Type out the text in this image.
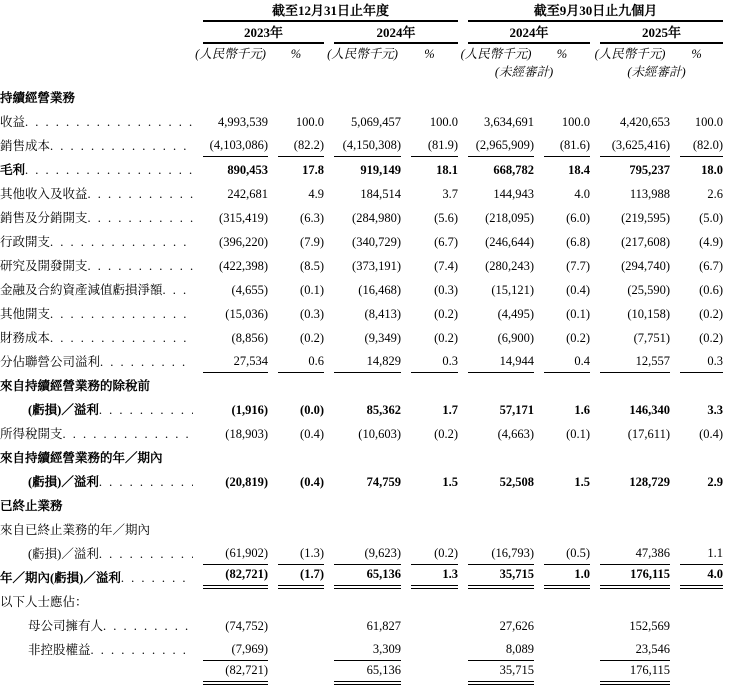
	截至12月31日止年度				截至9月30日止九個月			

	2023年		2024年		2024年		2025年	

	(人民幣千元)	%	(人民幣千元)	%	(人民幣千元)	%	(人民幣千元)	%

					(未經審計)		(未經審計)	

持續經營業務								

收益
. . .	4,993,539	100.0	5,069,457	100.0	3,634,691	100.0	4,420,653	100.0

銷售成本
. . .	(4,103,086)	(82.2)	(4,150,308)	(81.9)	(2,965,909)	(81.6)	(3,625,416)	(82.0)

毛利
. . .	890,453	17.8	919,149	18.1	668,782	18.4	795,237	18.0

其他收入及收益
. . .	242,681	4.9	184,514	3.7	144,943	4.0	113,988	2.6

銷售及分銷開支
. . .	(315,419)	(6.3)	(284,980)	(5.6)	(218,095)	(6.0)	(219,595)	(5.0)

行政開支
. . .	(396,220)	(7.9)	(340,729)	(6.7)	(246,644)	(6.8)	(217,608)	(4.9)

研究及開發開支
. . .	(422,398)	(8.5)	(373,191)	(7.4)	(280,243)	(7.7)	(294,740)	(6.7)

金融及合約資產減值虧損淨額
. . .	(4,655)	(0.1)	(16,468)	(0.3)	(15,121)	(0.4)	(25,590)	(0.6)

其他開支
. . .	(15,036)	(0.3)	(8,413)	(0.2)	(4,495)	(0.1)	(10,158)	(0.2)

財務成本
. . .	(8,856)	(0.2)	(9,349)	(0.2)	(6,900)	(0.2)	(7,751)	(0.2)

分佔聯營公司溢利
. . .	27,534	0.6	14,829	0.3	14,944	0.4	12,557	0.3

來自持續經營業務的除稅前								

(虧損)／溢利
. . .	(1,916)	(0.0)	85,362	1.7	57,171	1.6	146,340	3.3

所得稅開支
. . .	(18,903)	(0.4)	(10,603)	(0.2)	(4,663)	(0.1)	(17,611)	(0.4)

來自持續經營業務的年／期內								

(虧損)／溢利
. . .	(20,819)	(0.4)	74,759	1.5	52,508	1.5	128,729	2.9

已終止業務								

來自已終止業務的年／期內								

(虧損)／溢利
. . .	(61,902)	(1.3)	(9,623)	(0.2)	(16,793)	(0.5)	47,386	1.1

年／期內(虧損)／溢利
. . .	(82,721)	(1.7)	65,136	1.3	35,715	1.0	176,115	4.0

以下人士應佔：								

母公司擁有人
. . .	(74,752)		61,827		27,626		152,569	

非控股權益
. . .	(7,969)		3,309		8,089		23,546	

	(82,721)		65,136		35,715		176,115	
